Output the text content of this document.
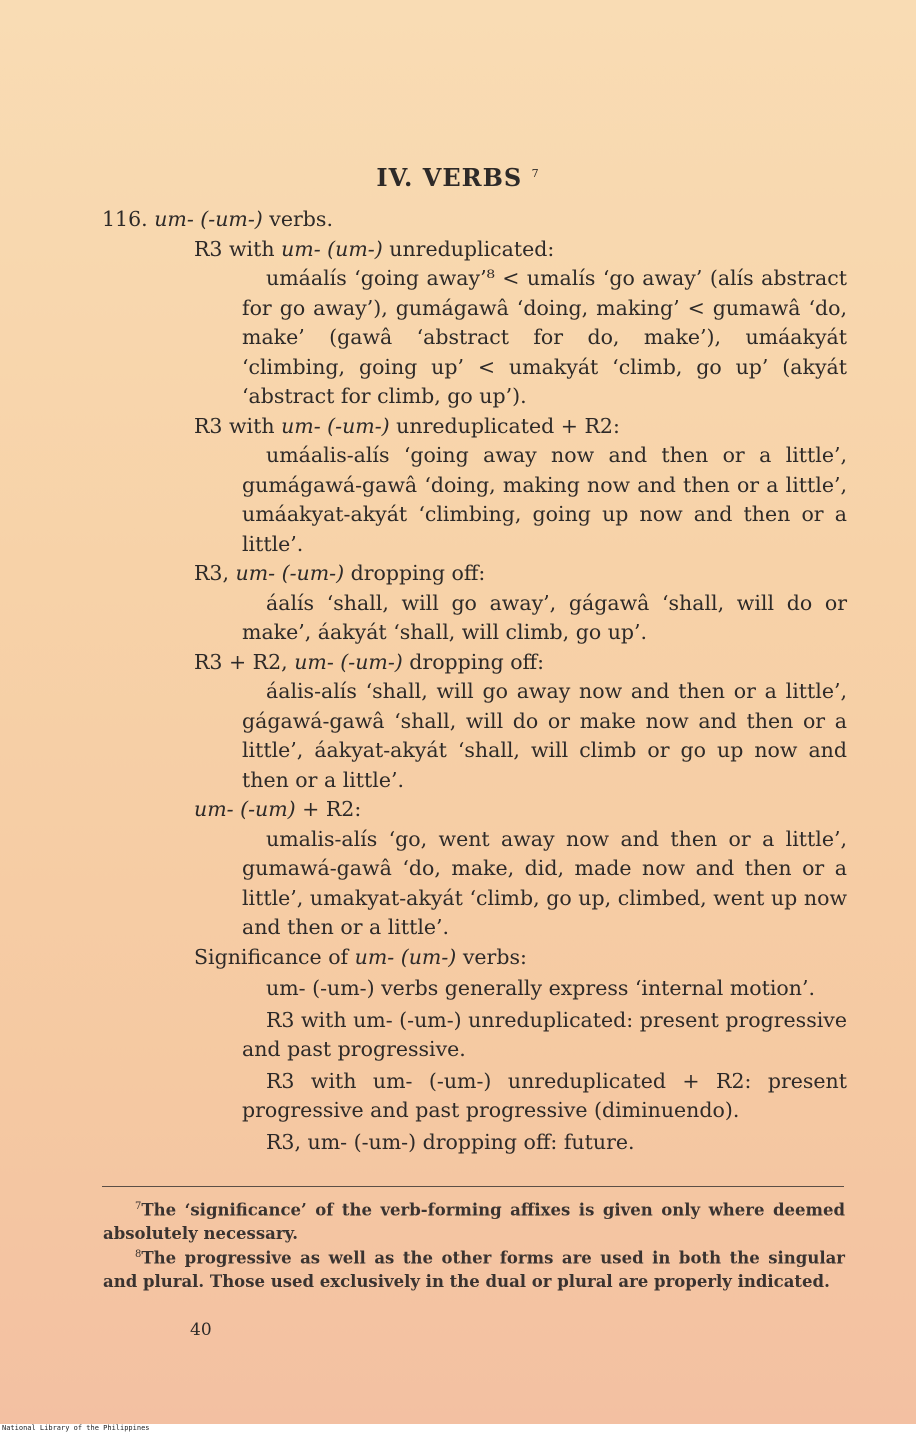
IV. VERBS $^7$

116. um- (-um-) verbs.

R3 with um- (um-) unreduplicated:

umáalís ‘going away’⁸ < umalís ‘go away’ (alís abstract for go away’), gumágawâ ‘doing, making’ < gumawâ ‘do, make’ (gawâ ‘abstract for do, make’), umáakyát ‘climbing, going up’ < umakyát ‘climb, go up’ (akyát ‘abstract for climb, go up’).

R3 with um- (-um-) unreduplicated + R2:

umáalis-alís ‘going away now and then or a little’, gumágawá-gawâ ‘doing, making now and then or a little’, umáakyat-akyát ‘climbing, going up now and then or a little’.

R3, um- (-um-) dropping off:

áalís ‘shall, will go away’, gágawâ ‘shall, will do or make’, áakyát ‘shall, will climb, go up’.

R3 + R2, um- (-um-) dropping off:

áalis-alís ‘shall, will go away now and then or a little’, gágawá-gawâ ‘shall, will do or make now and then or a little’, áakyat-akyát ‘shall, will climb or go up now and then or a little’.

um- (-um) + R2:

umalis-alís ‘go, went away now and then or a little’, gumawá-gawâ ‘do, make, did, made now and then or a little’, umakyat-akyát ‘climb, go up, climbed, went up now and then or a little’.

Significance of um- (um-) verbs:

um- (-um-) verbs generally express ‘internal motion’.

R3 with um- (-um-) unreduplicated: present progressive and past progressive.

R3 with um- (-um-) unreduplicated + R2: present progressive and past progressive (diminuendo).

R3, um- (-um-) dropping off: future.

$^7$The ‘significance’ of the verb-forming affixes is given only where deemed absolutely necessary.

$^8$The progressive as well as the other forms are used in both the singular and plural. Those used exclusively in the dual or plural are properly indicated.

40
National Library of the Philippines
